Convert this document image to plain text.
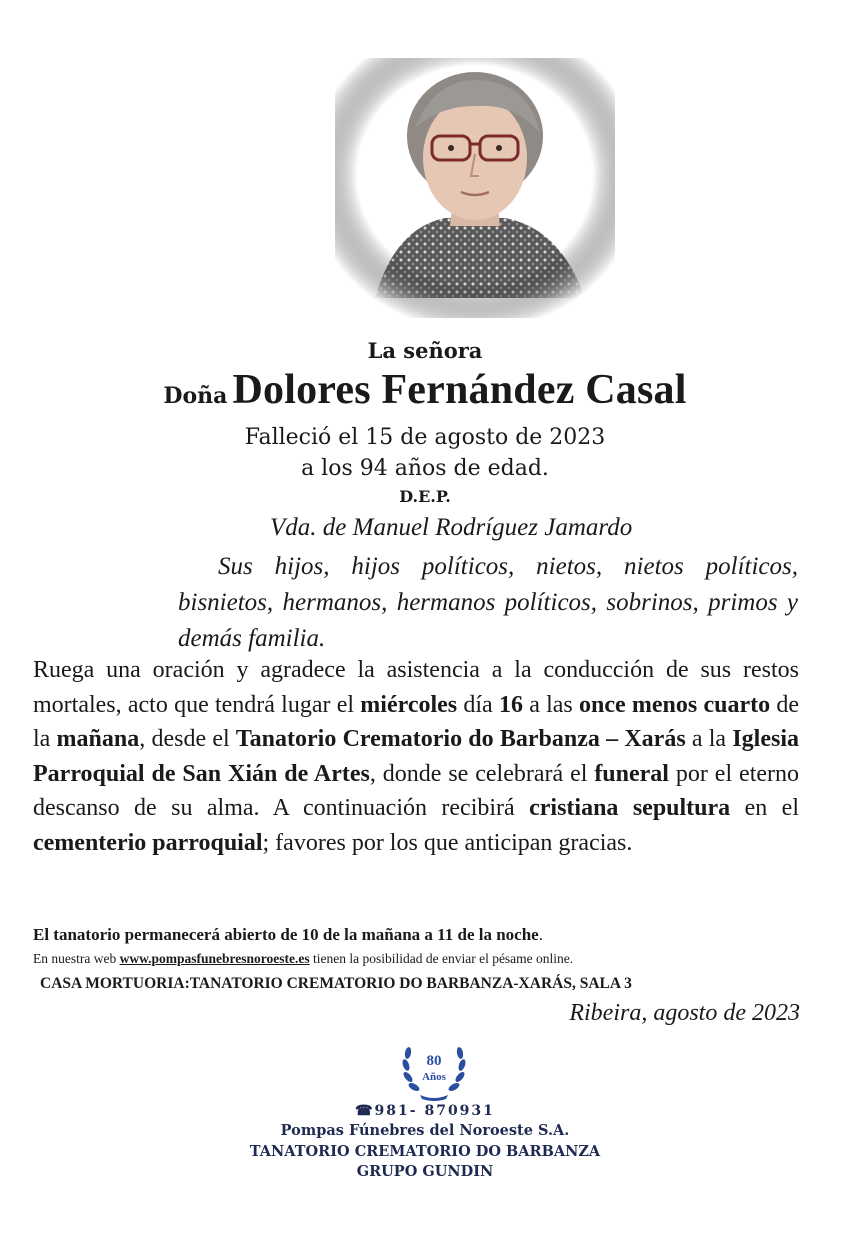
La señora
Doña Dolores Fernández Casal
Falleció el 15 de agosto de 2023
a los 94 años de edad.
D.E.P.
Vda. de Manuel Rodríguez Jamardo
Sus hijos, hijos políticos, nietos, nietos políticos, bisnietos, hermanos, hermanos políticos, sobrinos, primos y demás familia.
Ruega una oración y agradece la asistencia a la conducción de sus restos mortales, acto que tendrá lugar el miércoles día 16 a las once menos cuarto de la mañana, desde el Tanatorio Crematorio do Barbanza – Xarás a la Iglesia Parroquial de San Xián de Artes, donde se celebrará el funeral por el eterno descanso de su alma. A continuación recibirá cristiana sepultura en el cementerio parroquial; favores por los que anticipan gracias.
El tanatorio permanecerá abierto de 10 de la mañana a 11 de la noche.
En nuestra web www.pompasfunebresnoroeste.es tienen la posibilidad de enviar el pésame online.
CASA MORTUORIA:TANATORIO CREMATORIO DO BARBANZA-XARÁS, SALA 3
Ribeira, agosto de 2023
80
Años
☎981- 870931
Pompas Fúnebres del Noroeste S.A.
TANATORIO CREMATORIO DO BARBANZA
GRUPO GUNDIN
